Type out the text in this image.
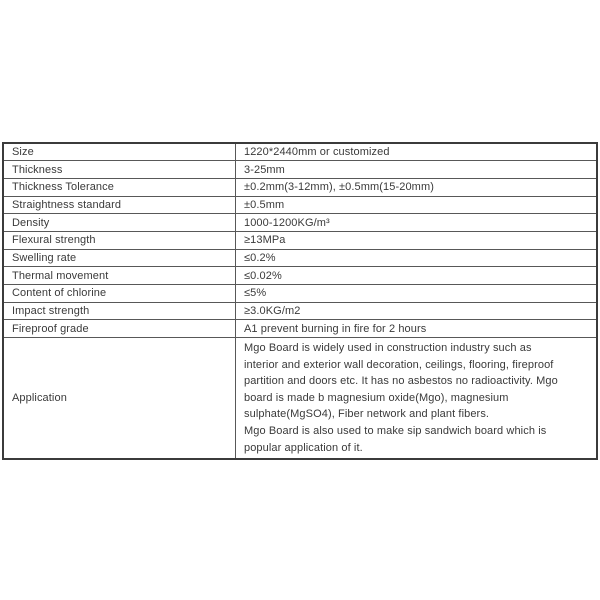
Size	1220*2440mm or customized
Thickness	3-25mm
Thickness Tolerance	±0.2mm(3-12mm), ±0.5mm(15-20mm)
Straightness standard	±0.5mm
Density	1000-1200KG/m³
Flexural strength	≥13MPa
Swelling rate	≤0.2%
Thermal movement	≤0.02%
Content of chlorine	≤5%
Impact strength	≥3.0KG/m2
Fireproof grade	A1 prevent burning in fire for 2 hours
Application	
Mgo Board is widely used in construction industry such as
interior and exterior wall decoration, ceilings, flooring, fireproof
partition and doors etc. It has no asbestos no radioactivity. Mgo
board is made b magnesium oxide(Mgo), magnesium
sulphate(MgSO4), Fiber network and plant fibers.
Mgo Board is also used to make sip sandwich board which is
popular application of it.
